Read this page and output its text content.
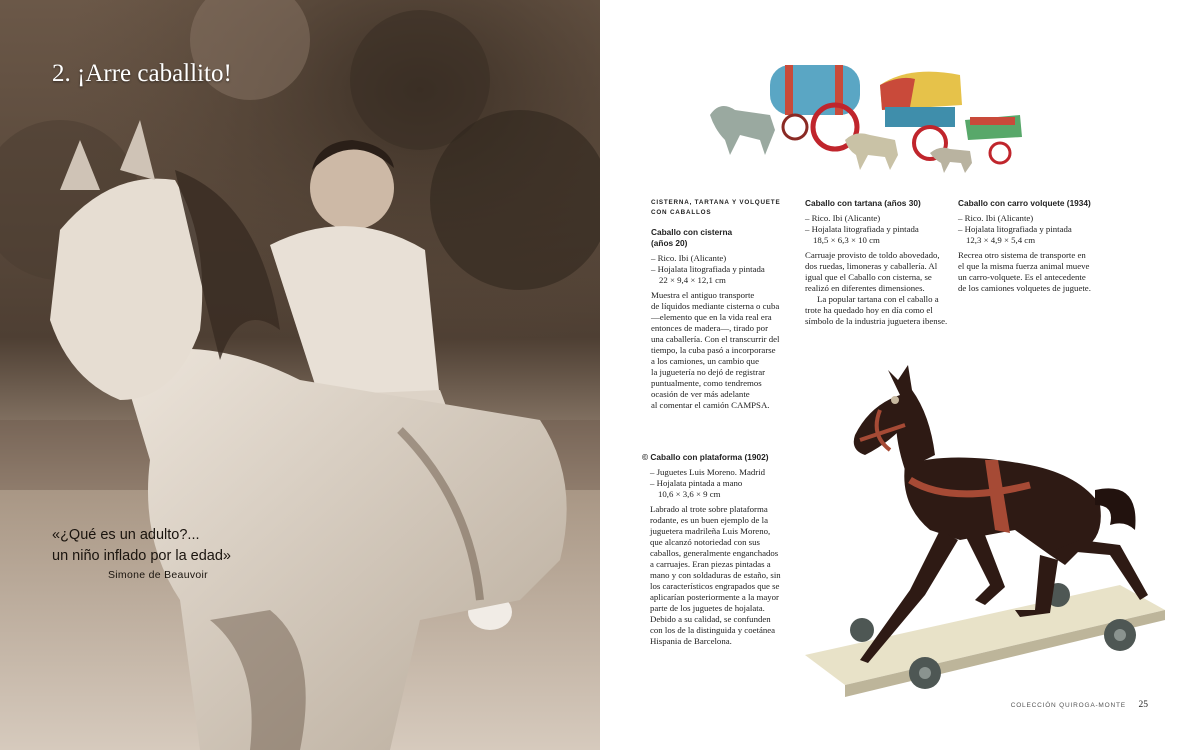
2. ¡Arre caballito!
«¿Qué es un adulto?...
un niño inflado por la edad»
Simone de Beauvoir

CISTERNA, TARTANA Y VOLQUETE

CON CABALLOS

Caballo con cisterna

(años 20)

– Rico. Ibi (Alicante)

– Hojalata litografiada y pintada

22 × 9,4 × 12,1 cm

Muestra el antiguo transporte

de líquidos mediante cisterna o cuba

—elemento que en la vida real era

entonces de madera—, tirado por

una caballería. Con el transcurrir del

tiempo, la cuba pasó a incorporarse

a los camiones, un cambio que

la juguetería no dejó de registrar

puntualmente, como tendremos

ocasión de ver más adelante

al comentar el camión CAMPSA.

Caballo con tartana (años 30)

– Rico. Ibi (Alicante)

– Hojalata litografiada y pintada

18,5 × 6,3 × 10 cm

Carruaje provisto de toldo abovedado,

dos ruedas, limoneras y caballería. Al

igual que el Caballo con cisterna, se

realizó en diferentes dimensiones.

La popular tartana con el caballo a

trote ha quedado hoy en día como el

símbolo de la industria juguetera ibense.

Caballo con carro volquete (1934)

– Rico. Ibi (Alicante)

– Hojalata litografiada y pintada

12,3 × 4,9 × 5,4 cm

Recrea otro sistema de transporte en

el que la misma fuerza animal mueve

un carro-volquete. Es el antecedente

de los camiones volquetes de juguete.

© Caballo con plataforma (1902)

– Juguetes Luis Moreno. Madrid

– Hojalata pintada a mano

10,6 × 3,6 × 9 cm

Labrado al trote sobre plataforma

rodante, es un buen ejemplo de la

juguetera madrileña Luis Moreno,

que alcanzó notoriedad con sus

caballos, generalmente enganchados

a carruajes. Eran piezas pintadas a

mano y con soldaduras de estaño, sin

los característicos engrapados que se

aplicarían posteriormente a la mayor

parte de los juguetes de hojalata.

Debido a su calidad, se confunden

con los de la distinguida y coetánea

Hispania de Barcelona.

COLECCIÓN QUIROGA-MONTE 25
